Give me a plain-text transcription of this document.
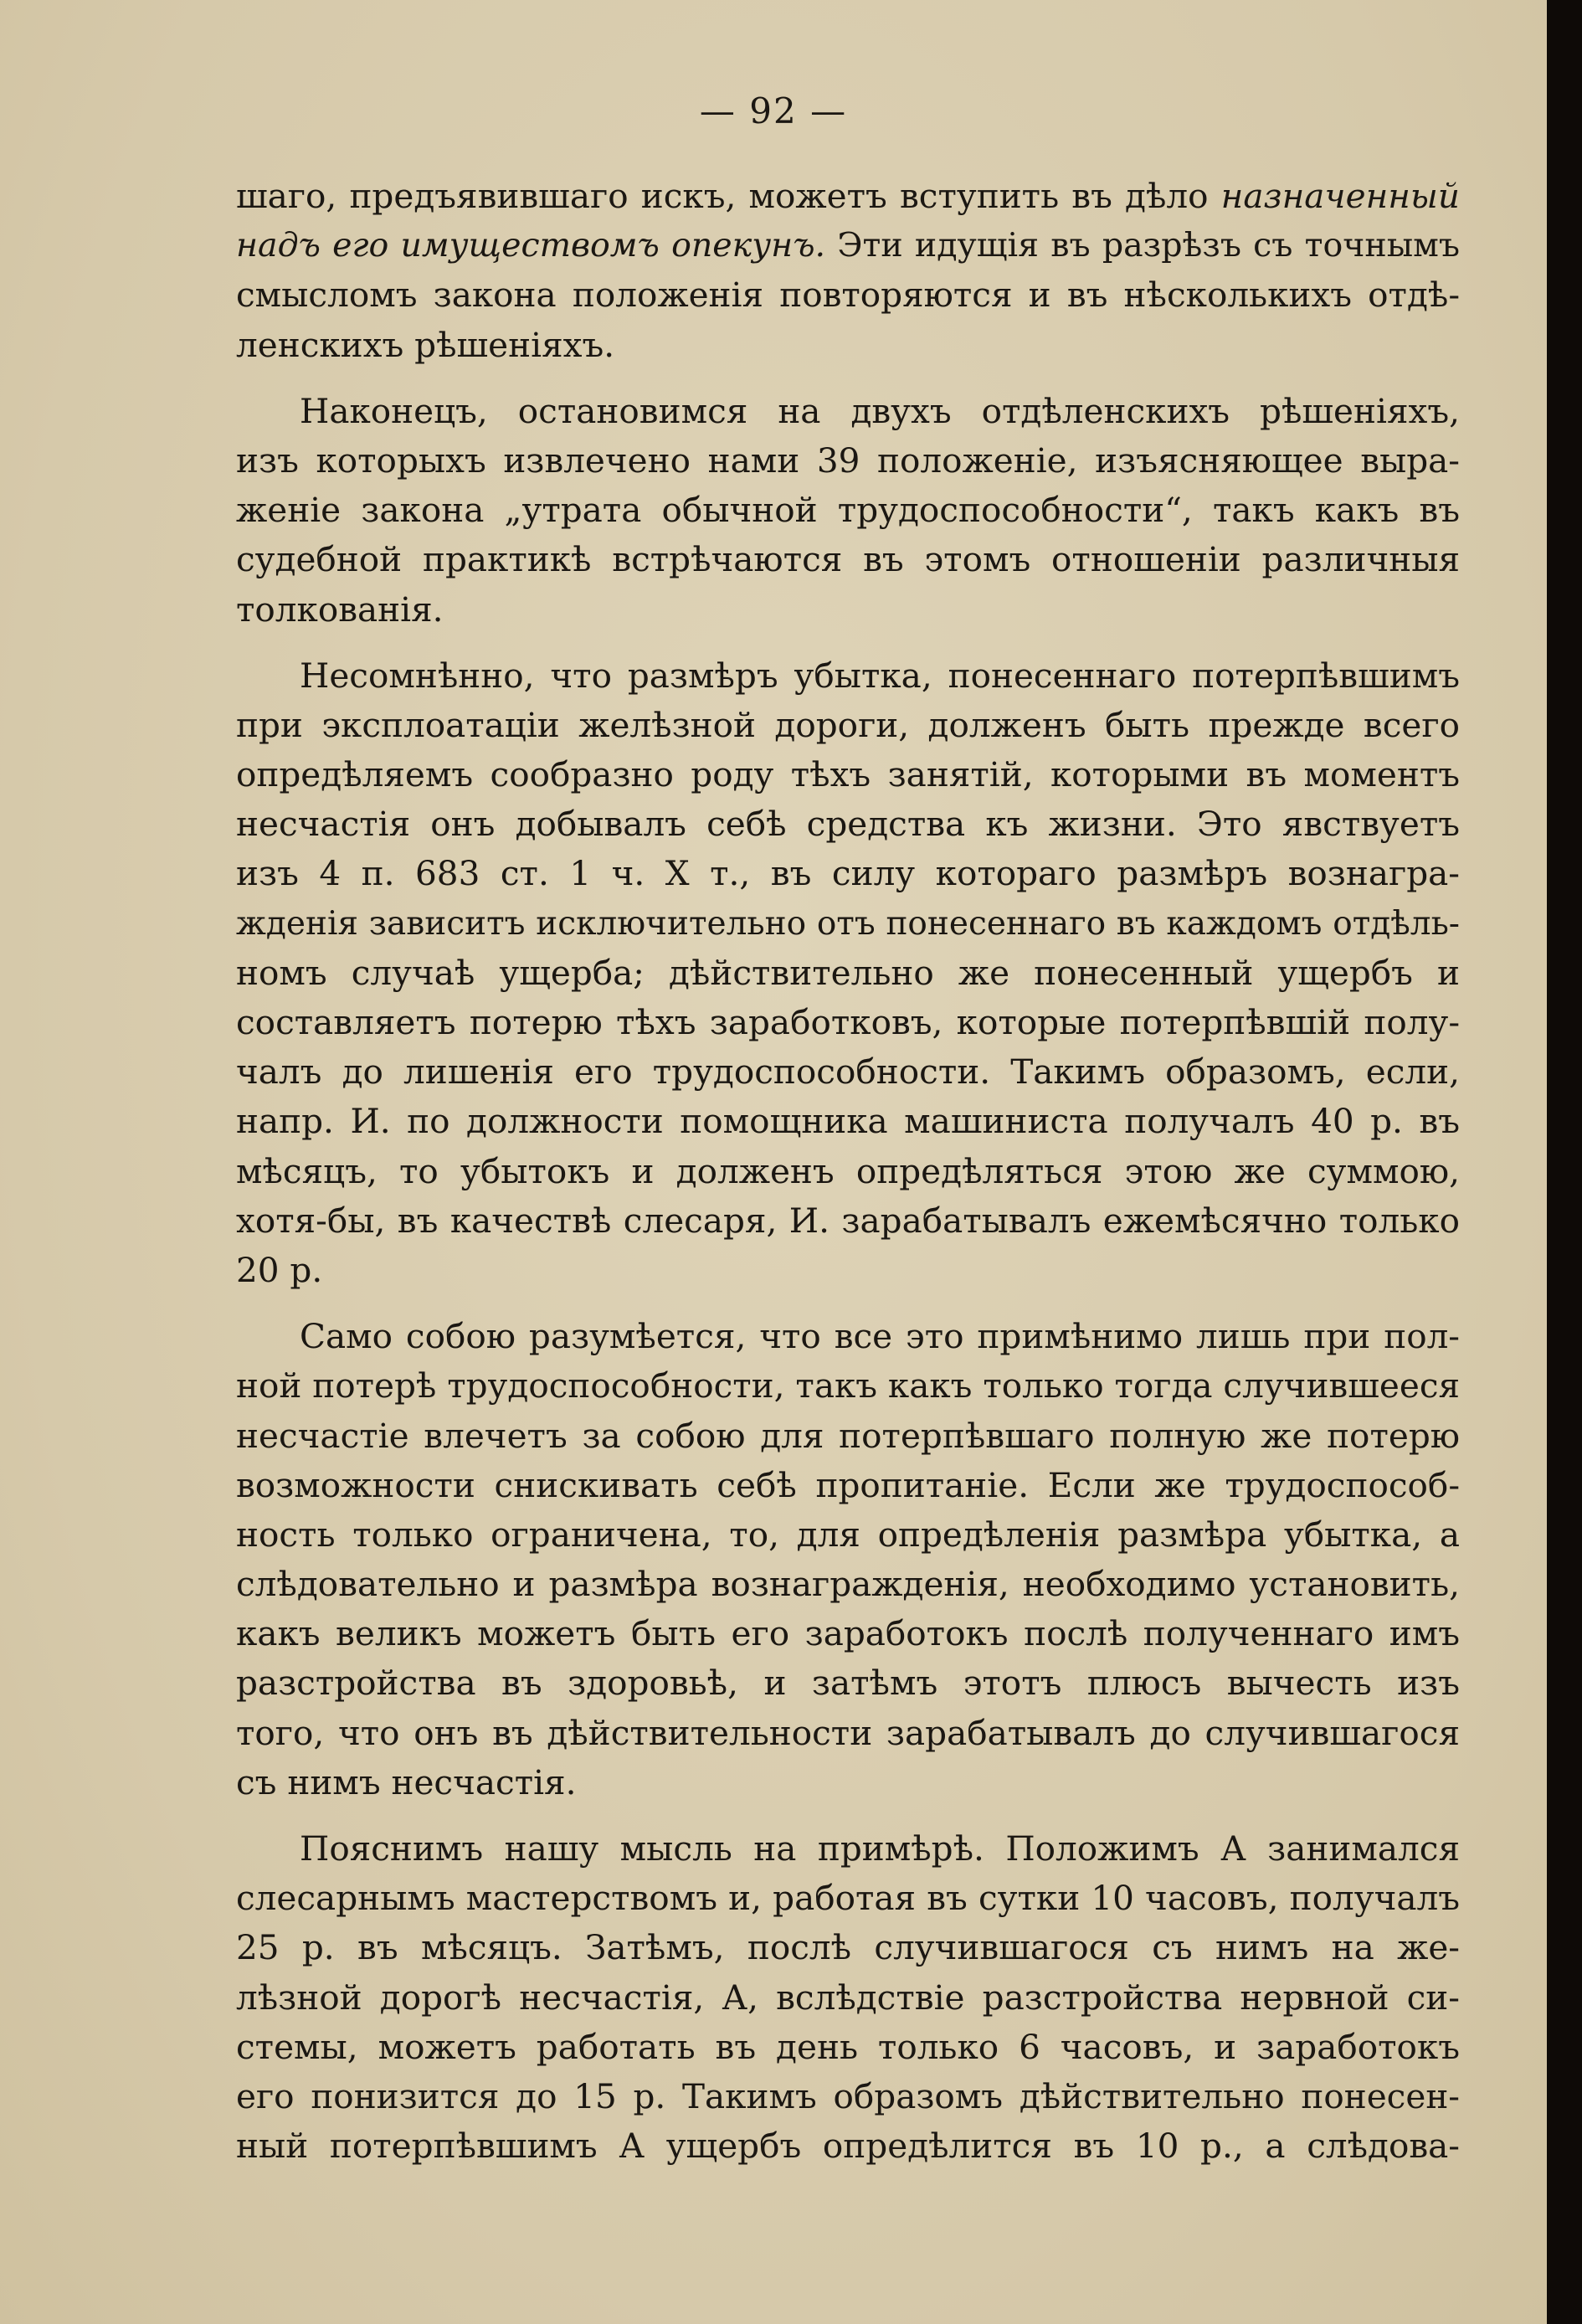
— 92 —
шаго, предъявившаго искъ, можетъ вступить въ дѣло назначенный
надъ его имуществомъ опекунъ. Эти идущія въ разрѣзъ съ точнымъ
смысломъ закона положенія повторяются и въ нѣсколькихъ отдѣ-
ленскихъ рѣшеніяхъ.
Наконецъ, остановимся на двухъ отдѣленскихъ рѣшеніяхъ,
изъ которыхъ извлечено нами 39 положеніе, изъясняющее выра-
женіе закона „утрата обычной трудоспособности“, такъ какъ въ
судебной практикѣ встрѣчаются въ этомъ отношеніи различныя
толкованія.
Несомнѣнно, что размѣръ убытка, понесеннаго потерпѣвшимъ
при эксплоатаціи желѣзной дороги, долженъ быть прежде всего
опредѣляемъ сообразно роду тѣхъ занятій, которыми въ моментъ
несчастія онъ добывалъ себѣ средства къ жизни. Это явствуетъ
изъ 4 п. 683 ст. 1 ч. X т., въ силу котораго размѣръ вознагра-
жденія зависитъ исключительно отъ понесеннаго въ каждомъ отдѣль-
номъ случаѣ ущерба; дѣйствительно же понесенный ущербъ и
составляетъ потерю тѣхъ заработковъ, которые потерпѣвшій полу-
чалъ до лишенія его трудоспособности. Такимъ образомъ, если,
напр. И. по должности помощника машиниста получалъ 40 р. въ
мѣсяцъ, то убытокъ и долженъ опредѣляться этою же суммою,
хотя-бы, въ качествѣ слесаря, И. зарабатывалъ ежемѣсячно только
20 р.
Само собою разумѣется, что все это примѣнимо лишь при пол-
ной потерѣ трудоспособности, такъ какъ только тогда случившееся
несчастіе влечетъ за собою для потерпѣвшаго полную же потерю
возможности снискивать себѣ пропитаніе. Если же трудоспособ-
ность только ограничена, то, для опредѣленія размѣра убытка, а
слѣдовательно и размѣра вознагражденія, необходимо установить,
какъ великъ можетъ быть его заработокъ послѣ полученнаго имъ
разстройства въ здоровьѣ, и затѣмъ этотъ плюсъ вычесть изъ
того, что онъ въ дѣйствительности зарабатывалъ до случившагося
съ нимъ несчастія.
Пояснимъ нашу мысль на примѣрѣ. Положимъ А занимался
слесарнымъ мастерствомъ и, работая въ сутки 10 часовъ, получалъ
25 р. въ мѣсяцъ. Затѣмъ, послѣ случившагося съ нимъ на же-
лѣзной дорогѣ несчастія, А, вслѣдствіе разстройства нервной си-
стемы, можетъ работать въ день только 6 часовъ, и заработокъ
его понизится до 15 р. Такимъ образомъ дѣйствительно понесен-
ный потерпѣвшимъ А ущербъ опредѣлится въ 10 р., а слѣдова-
